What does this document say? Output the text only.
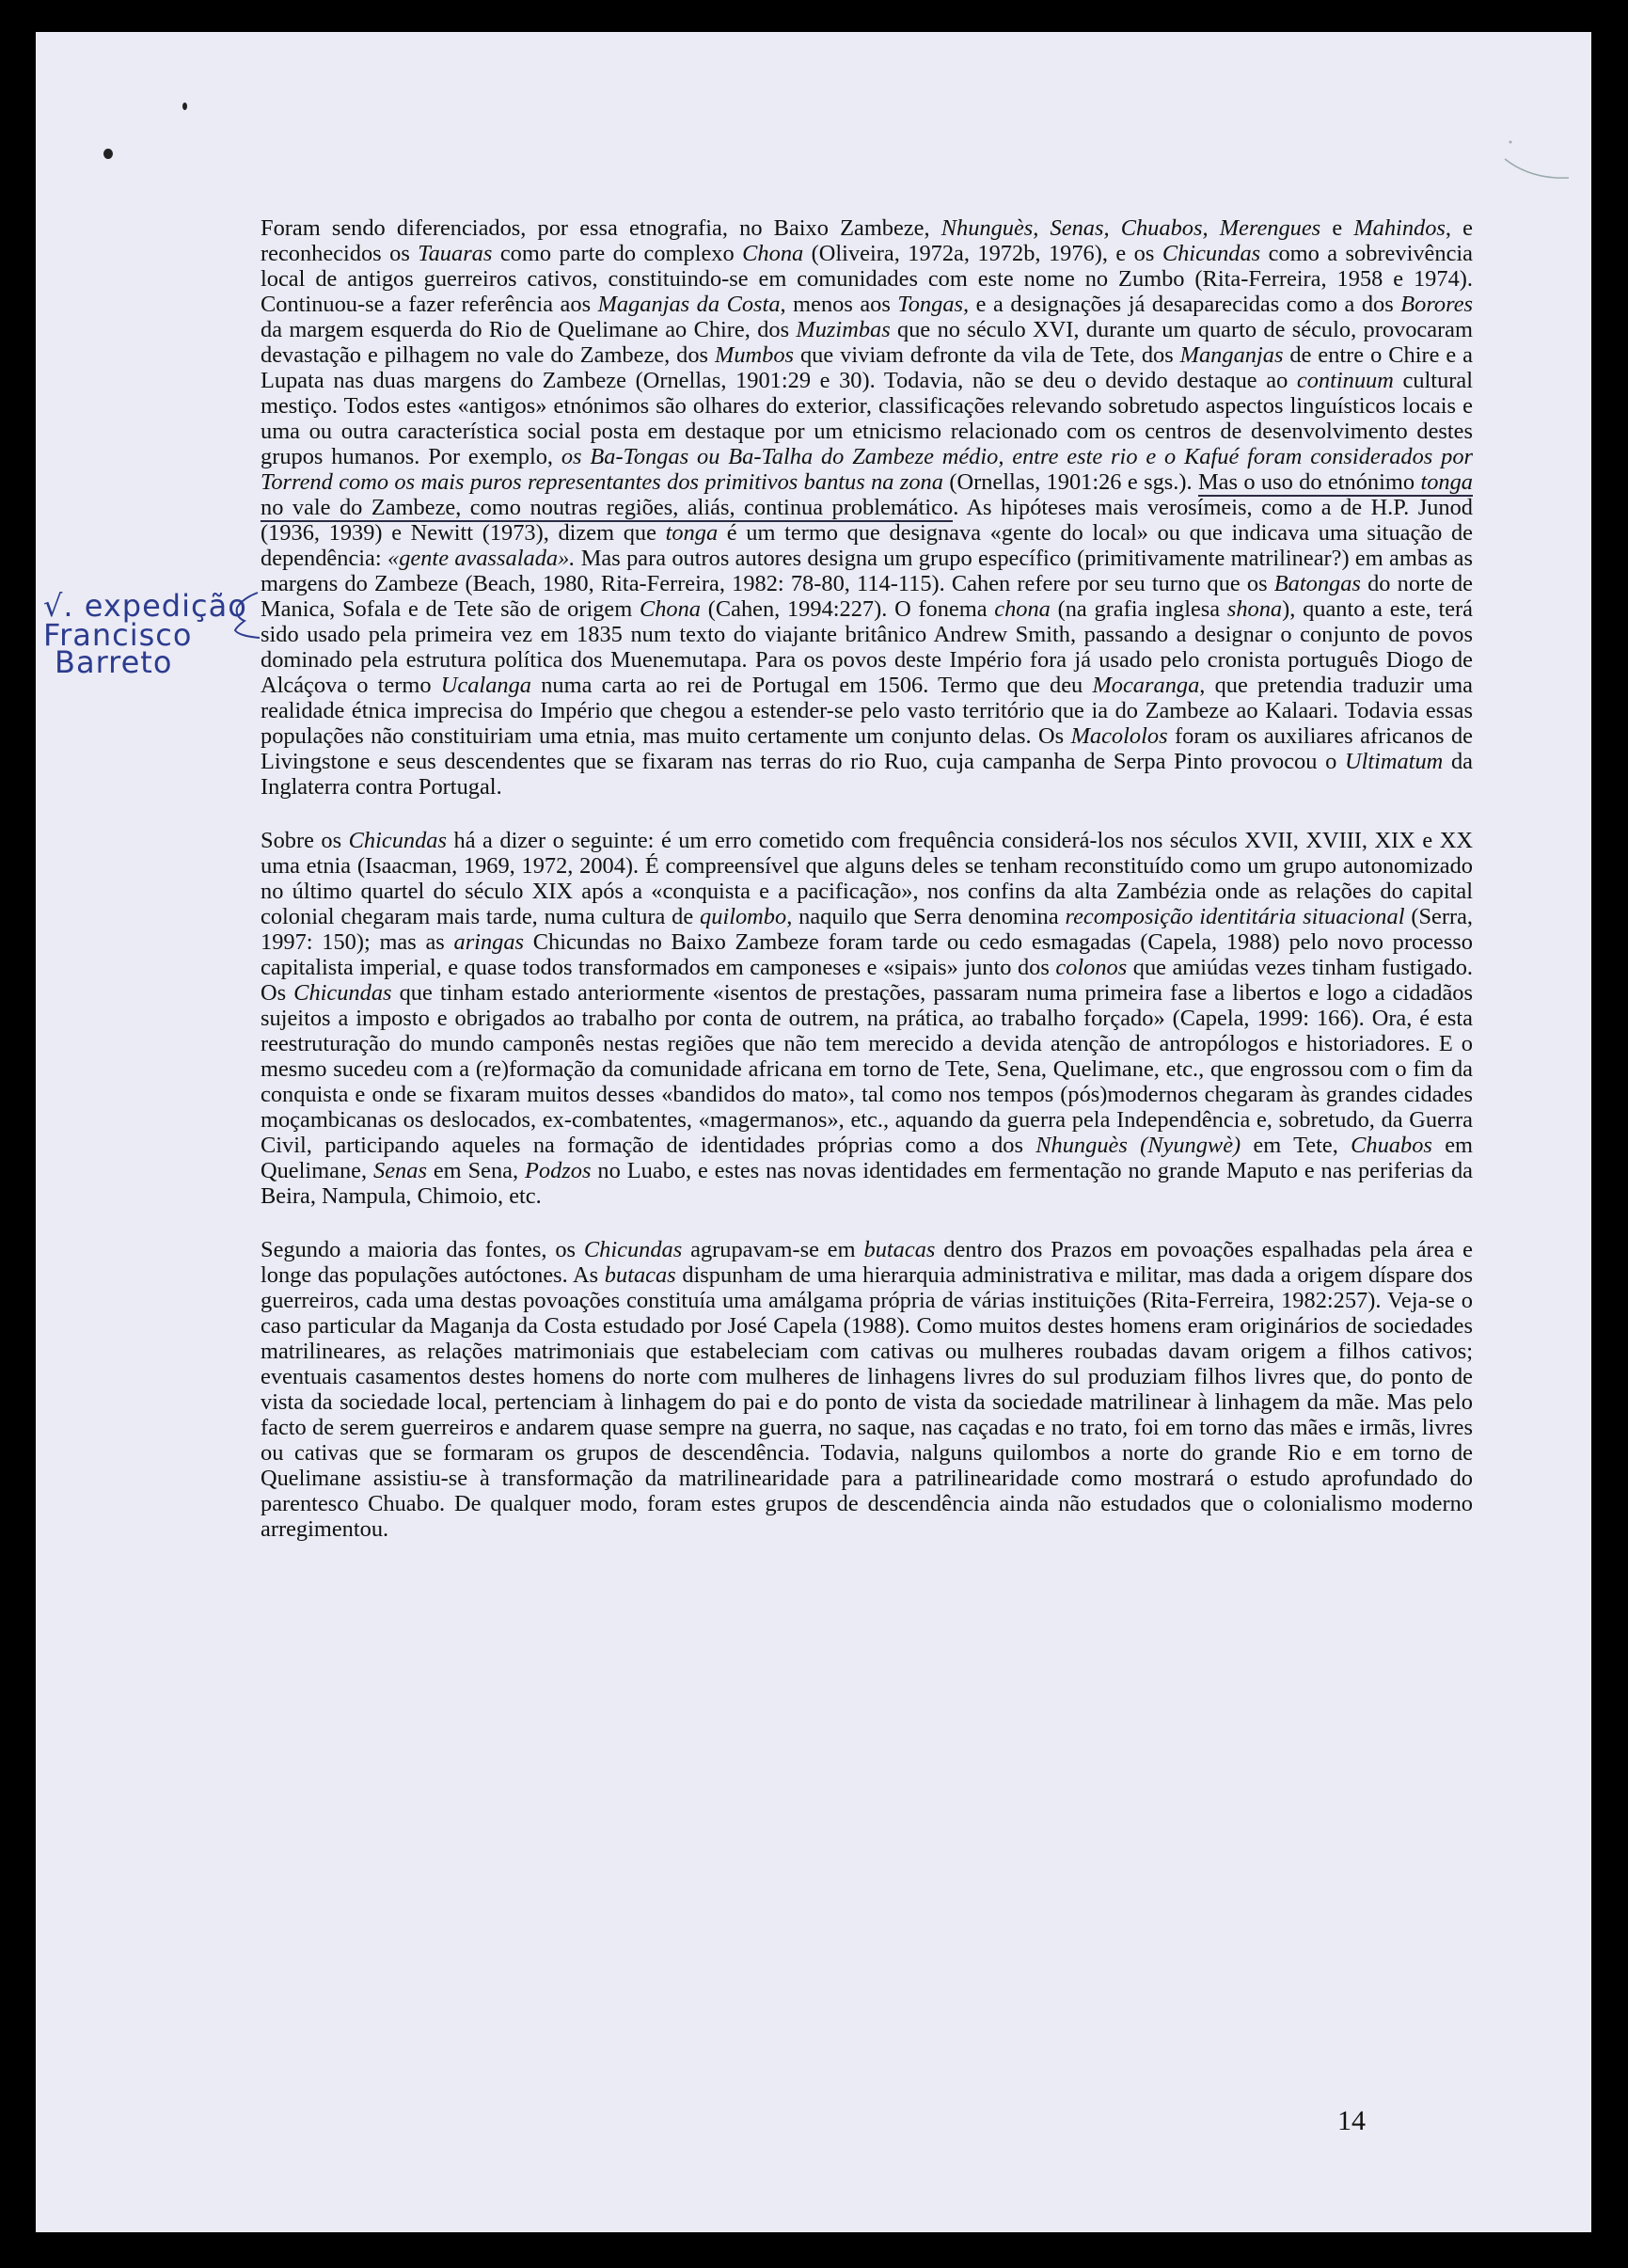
√. expedição
Francisco
Barreto

Foram sendo diferenciados, por essa etnografia, no Baixo Zambeze, Nhunguès, Senas, Chuabos, Merengues e Mahindos, e reconhecidos os Tauaras como parte do complexo Chona (Oliveira, 1972a, 1972b, 1976), e os Chicundas como a sobrevivência local de antigos guerreiros cativos, constituindo-se em comunidades com este nome no Zumbo (Rita-Ferreira, 1958 e 1974). Continuou-se a fazer referência aos Maganjas da Costa, menos aos Tongas, e a designações já desaparecidas como a dos Borores da margem esquerda do Rio de Quelimane ao Chire, dos Muzimbas que no século XVI, durante um quarto de século, provocaram devastação e pilhagem no vale do Zambeze, dos Mumbos que viviam defronte da vila de Tete, dos Manganjas de entre o Chire e a Lupata nas duas margens do Zambeze (Ornellas, 1901:29 e 30). Todavia, não se deu o devido destaque ao continuum cultural mestiço. Todos estes «antigos» etnónimos são olhares do exterior, classificações relevando sobretudo aspectos linguísticos locais e uma ou outra característica social posta em destaque por um etnicismo relacionado com os centros de desenvolvimento destes grupos humanos. Por exemplo, os Ba-Tongas ou Ba-Talha do Zambeze médio, entre este rio e o Kafué foram considerados por Torrend como os mais puros representantes dos primitivos bantus na zona (Ornellas, 1901:26 e sgs.). Mas o uso do etnónimo tonga no vale do Zambeze, como noutras regiões, aliás, continua problemático. As hipóteses mais verosímeis, como a de H.P. Junod (1936, 1939) e Newitt (1973), dizem que tonga é um termo que designava «gente do local» ou que indicava uma situação de dependência: «gente avassalada». Mas para outros autores designa um grupo específico (primitivamente matrilinear?) em ambas as margens do Zambeze (Beach, 1980, Rita-Ferreira, 1982: 78-80, 114-115). Cahen refere por seu turno que os Batongas do norte de Manica, Sofala e de Tete são de origem Chona (Cahen, 1994:227). O fonema chona (na grafia inglesa shona), quanto a este, terá sido usado pela primeira vez em 1835 num texto do viajante britânico Andrew Smith, passando a designar o conjunto de povos dominado pela estrutura política dos Muenemutapa. Para os povos deste Império fora já usado pelo cronista português Diogo de Alcáçova o termo Ucalanga numa carta ao rei de Portugal em 1506. Termo que deu Mocaranga, que pretendia traduzir uma realidade étnica imprecisa do Império que chegou a estender-se pelo vasto território que ia do Zambeze ao Kalaari. Todavia essas populações não constituiriam uma etnia, mas muito certamente um conjunto delas. Os Macololos foram os auxiliares africanos de Livingstone e seus descendentes que se fixaram nas terras do rio Ruo, cuja campanha de Serpa Pinto provocou o Ultimatum da Inglaterra contra Portugal.

Sobre os Chicundas há a dizer o seguinte: é um erro cometido com frequência considerá-los nos séculos XVII, XVIII, XIX e XX uma etnia (Isaacman, 1969, 1972, 2004). É compreensível que alguns deles se tenham reconstituído como um grupo autonomizado no último quartel do século XIX após a «conquista e a pacificação», nos confins da alta Zambézia onde as relações do capital colonial chegaram mais tarde, numa cultura de quilombo, naquilo que Serra denomina recomposição identitária situacional (Serra, 1997: 150); mas as aringas Chicundas no Baixo Zambeze foram tarde ou cedo esmagadas (Capela, 1988) pelo novo processo capitalista imperial, e quase todos transformados em camponeses e «sipais» junto dos colonos que amiúdas vezes tinham fustigado. Os Chicundas que tinham estado anteriormente «isentos de prestações, passaram numa primeira fase a libertos e logo a cidadãos sujeitos a imposto e obrigados ao trabalho por conta de outrem, na prática, ao trabalho forçado» (Capela, 1999: 166). Ora, é esta reestruturação do mundo camponês nestas regiões que não tem merecido a devida atenção de antropólogos e historiadores. E o mesmo sucedeu com a (re)formação da comunidade africana em torno de Tete, Sena, Quelimane, etc., que engrossou com o fim da conquista e onde se fixaram muitos desses «bandidos do mato», tal como nos tempos (pós)modernos chegaram às grandes cidades moçambicanas os deslocados, ex-combatentes, «magermanos», etc., aquando da guerra pela Independência e, sobretudo, da Guerra Civil, participando aqueles na formação de identidades próprias como a dos Nhunguès (Nyungwè) em Tete, Chuabos em Quelimane, Senas em Sena, Podzos no Luabo, e estes nas novas identidades em fermentação no grande Maputo e nas periferias da Beira, Nampula, Chimoio, etc.

Segundo a maioria das fontes, os Chicundas agrupavam-se em butacas dentro dos Prazos em povoações espalhadas pela área e longe das populações autóctones. As butacas dispunham de uma hierarquia administrativa e militar, mas dada a origem díspare dos guerreiros, cada uma destas povoações constituía uma amálgama própria de várias instituições (Rita-Ferreira, 1982:257). Veja-se o caso particular da Maganja da Costa estudado por José Capela (1988). Como muitos destes homens eram originários de sociedades matrilineares, as relações matrimoniais que estabeleciam com cativas ou mulheres roubadas davam origem a filhos cativos; eventuais casamentos destes homens do norte com mulheres de linhagens livres do sul produziam filhos livres que, do ponto de vista da sociedade local, pertenciam à linhagem do pai e do ponto de vista da sociedade matrilinear à linhagem da mãe. Mas pelo facto de serem guerreiros e andarem quase sempre na guerra, no saque, nas caçadas e no trato, foi em torno das mães e irmãs, livres ou cativas que se formaram os grupos de descendência. Todavia, nalguns quilombos a norte do grande Rio e em torno de Quelimane assistiu-se à transformação da matrilinearidade para a patrilinearidade como mostrará o estudo aprofundado do parentesco Chuabo. De qualquer modo, foram estes grupos de descendência ainda não estudados que o colonialismo moderno arregimentou.

14
